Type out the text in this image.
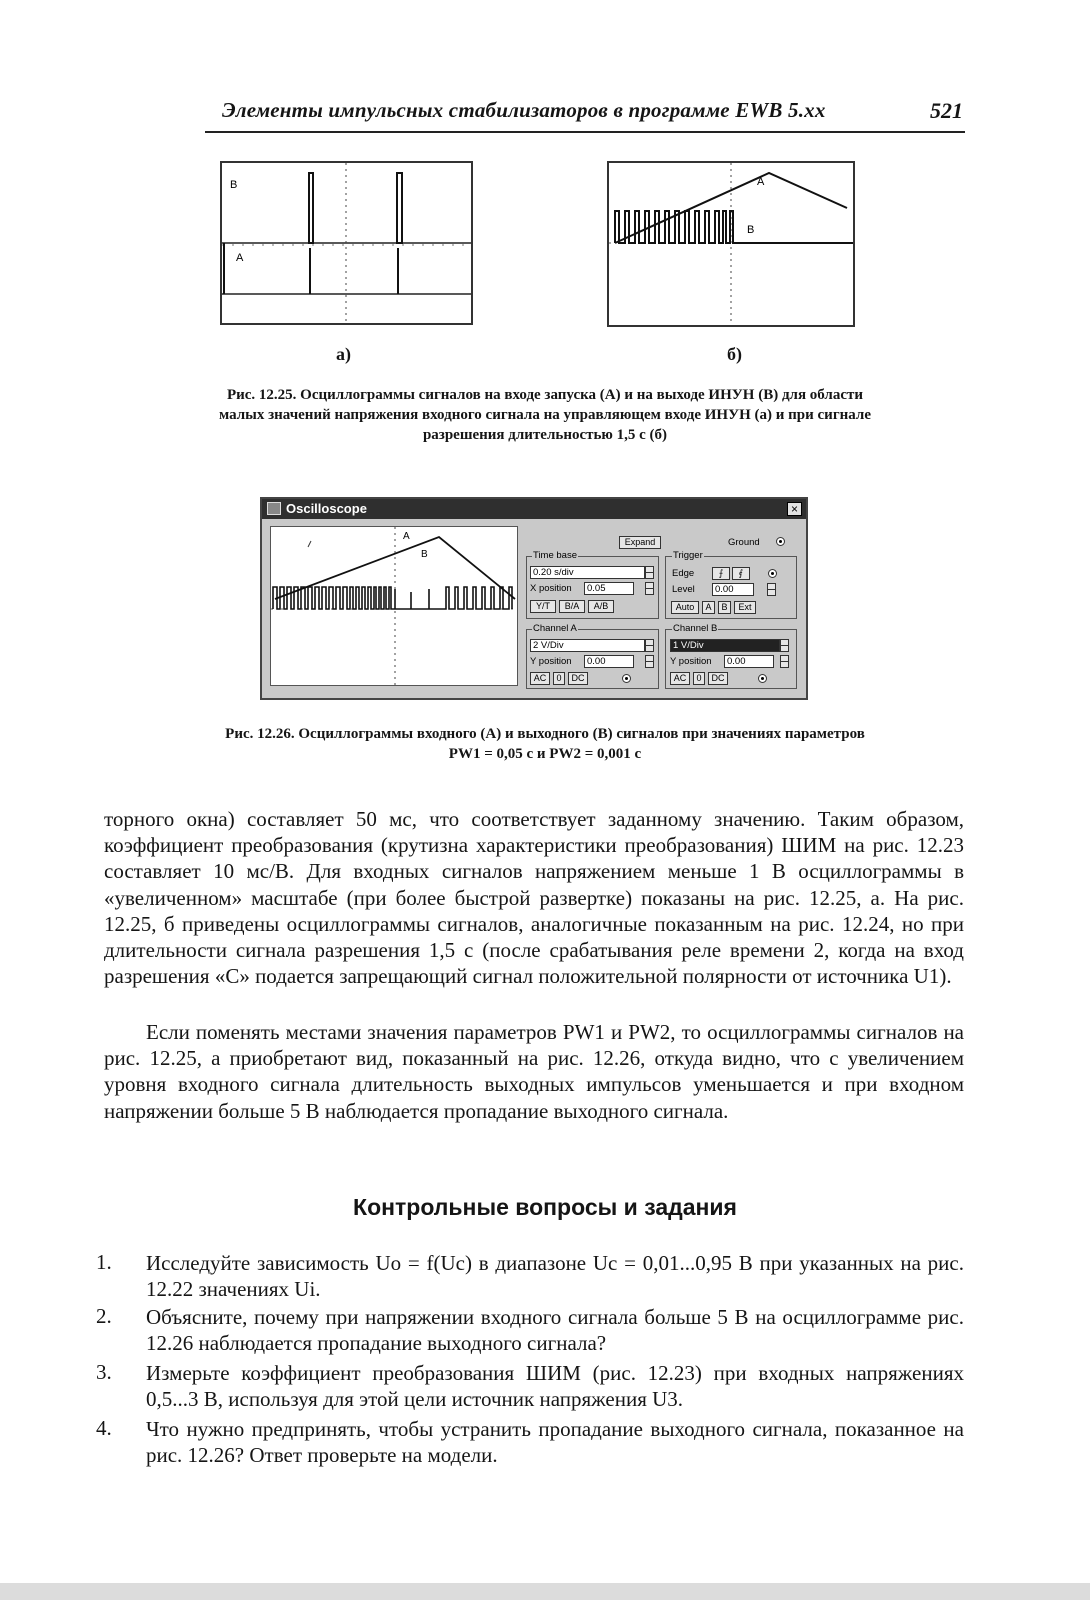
Элементы импульсных стабилизаторов в программе EWB 5.xx	521
B
A
а)
A
B
б)
Рис. 12.25. Осциллограммы сигналов на входе запуска (А) и на выходе ИНУН (В) для области
малых значений напряжения входного сигнала на управляющем входе ИНУН (а) и при сигнале
разрешения длительностью 1,5 с (б)
Oscilloscope	×
A
B
Expand	Ground
Time base
0.20 s/div
X position	0.05
Y/T	B/A	A/B
Trigger
Edge	⨍	⨐
Level	0.00
Auto	A	B	Ext
Channel A
2 V/Div
Y position	0.00
AC	0	DC
Channel B
1 V/Div
Y position	0.00
AC	0	DC
Рис. 12.26. Осциллограммы входного (А) и выходного (В) сигналов при значениях параметров
PW1 = 0,05 с и PW2 = 0,001 с

торного окна) составляет 50 мс, что соответствует заданному значению. Таким образом, коэффициент преобразования (крутизна характеристики преобразования) ШИМ на рис. 12.23 составляет 10 мс/В. Для входных сигналов напряжением меньше 1 В осциллограммы в «увеличенном» масштабе (при более быстрой развертке) показаны на рис. 12.25, а. На рис. 12.25, б приведены осциллограммы сигналов, аналогичные показанным на рис. 12.24, но при длительности сигнала разрешения 1,5 с (после срабатывания реле времени 2, когда на вход разрешения «С» подается запрещающий сигнал положительной полярности от источника U1).

Если поменять местами значения параметров PW1 и PW2, то осциллограммы сигналов на рис. 12.25, а приобретают вид, показанный на рис. 12.26, откуда видно, что с увеличением уровня входного сигнала длительность выходных импульсов уменьшается и при входном напряжении больше 5 В наблюдается пропадание выходного сигнала.

Контрольные вопросы и задания
1. Исследуйте зависимость Uo = f(Uc) в диапазоне Uc = 0,01...0,95 В при указанных на рис. 12.22 значениях Ui.

2. Объясните, почему при напряжении входного сигнала больше 5 В на осциллограмме рис. 12.26 наблюдается пропадание выходного сигнала?

3. Измерьте коэффициент преобразования ШИМ (рис. 12.23) при входных напряжениях 0,5...3 В, используя для этой цели источник напряжения U3.

4. Что нужно предпринять, чтобы устранить пропадание выходного сигнала, показанное на рис. 12.26? Ответ проверьте на модели.
